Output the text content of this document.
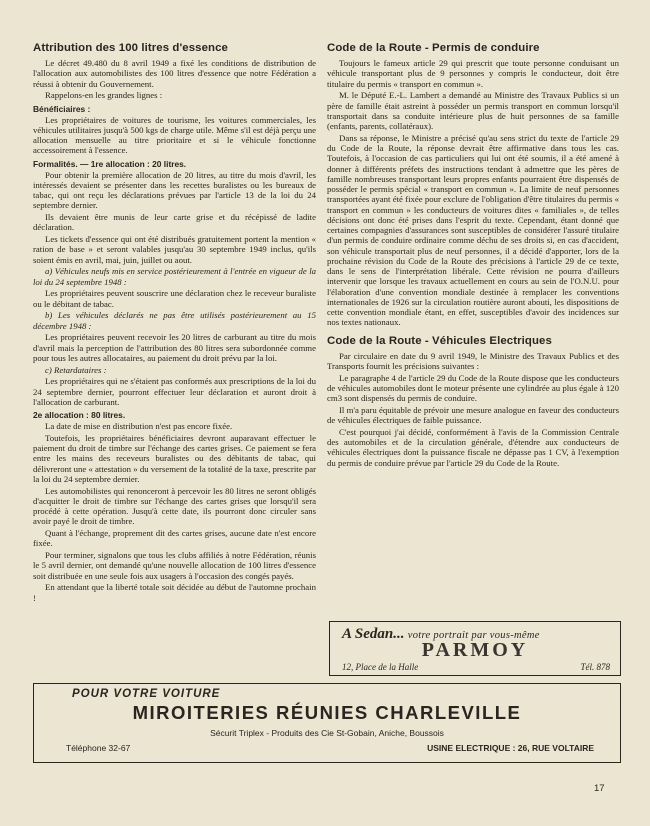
Attribution des 100 litres d'essence

Le décret 49.480 du 8 avril 1949 a fixé les conditions de distribution de l'allocation aux automobilistes des 100 litres d'essence que notre Fédération a réussi à obtenir du Gouvernement.

Rappelons-en les grandes lignes :

Bénéficiaires :

Les propriétaires de voitures de tourisme, les voitures commerciales, les véhicules utilitaires jusqu'à 500 kgs de charge utile. Même s'il est déjà perçu une allocation mensuelle au titre prioritaire et si le véhicule fonctionne accessoirement à l'essence.

Formalités. — 1re allocation : 20 litres.

Pour obtenir la première allocation de 20 litres, au titre du mois d'avril, les intéressés devaient se présenter dans les recettes buralistes ou les bureaux de tabac, qui ont reçu les déclarations prévues par l'article 13 de la loi du 24 septembre dernier.

Ils devaient être munis de leur carte grise et du récépissé de ladite déclaration.

Les tickets d'essence qui ont été distribués gratuitement portent la mention « ration de base » et seront valables jusqu'au 30 septembre 1949 inclus, qu'ils soient émis en avril, mai, juin, juillet ou aout.

a) Véhicules neufs mis en service postérieurement à l'entrée en vigueur de la loi du 24 septembre 1948 :

Les propriétaires peuvent souscrire une déclaration chez le receveur buraliste ou le débitant de tabac.

b) Les véhicules déclarés ne pas être utilisés postérieurement au 15 décembre 1948 :

Les propriétaires peuvent recevoir les 20 litres de carburant au titre du mois d'avril mais la perception de l'attribution des 80 litres sera subordonnée comme pour tous les autres allocataires, au paiement du droit prévu par la loi.

c) Retardataires :

Les propriétaires qui ne s'étaient pas conformés aux prescriptions de la loi du 24 septembre dernier, pourront effectuer leur déclaration et auront droit à l'allocation de carburant.

2e allocation : 80 litres.

La date de mise en distribution n'est pas encore fixée.

Toutefois, les propriétaires bénéficiaires devront auparavant effectuer le paiement du droit de timbre sur l'échange des cartes grises. Ce paiement se fera entre les mains des receveurs buralistes ou des débitants de tabac, qui délivreront une « attestation » du versement de la totalité de la taxe, prescrite par la loi du 24 septembre dernier.

Les automobilistes qui renonceront à percevoir les 80 litres ne seront obligés d'acquitter le droit de timbre sur l'échange des cartes grises que lorsqu'il sera procédé à cette opération. Jusqu'à cette date, ils pourront donc circuler sans avoir payé le droit de timbre.

Quant à l'échange, proprement dit des cartes grises, aucune date n'est encore fixée.

Pour terminer, signalons que tous les clubs affiliés à notre Fédération, réunis le 5 avril dernier, ont demandé qu'une nouvelle allocation de 100 litres d'essence soit distribuée en une seule fois aux usagers à l'occasion des congés payés.

En attendant que la liberté totale soit décidée au début de l'automne prochain !

Code de la Route - Permis de conduire

Toujours le fameux article 29 qui prescrit que toute personne conduisant un véhicule transportant plus de 9 personnes y compris le conducteur, doit être titulaire du permis « transport en commun ».

M. le Député E.-L. Lambert a demandé au Ministre des Travaux Publics si un père de famille était astreint à posséder un permis transport en commun lorsqu'il transportait dans sa conduite intérieure plus de huit personnes de sa famille (enfants, parents, collatéraux).

Dans sa réponse, le Ministre a précisé qu'au sens strict du texte de l'article 29 du Code de la Route, la réponse devrait être affirmative dans tous les cas. Toutefois, à l'occasion de cas particuliers qui lui ont été soumis, il a été amené à donner à différents préfets des instructions tendant à admettre que les pères de famille nombreuses transportant leurs propres enfants pourraient être dispensés de posséder le permis spécial « transport en commun ». La limite de neuf personnes transportées ayant été fixée pour exclure de l'obligation d'être titulaires du permis « transport en commun » les conducteurs de voitures dites « familiales », de telles décisions ont donc été prises dans l'esprit du texte. Cependant, étant donné que certaines compagnies d'assurances sont susceptibles de considérer l'assuré titulaire d'un permis de conduire ordinaire comme déchu de ses droits si, en cas d'accident, son véhicule transportait plus de neuf personnes, il a décidé d'apporter, lors de la prochaine révision du Code de la Route des précisions à l'article 29 de ce texte, dans le sens de l'interprétation libérale. Cette révision ne pourra d'ailleurs intervenir que lorsque les travaux actuellement en cours au sein de l'O.N.U. pour l'élaboration d'une convention mondiale destinée à remplacer les conventions internationales de 1926 sur la circulation routière auront abouti, les dispositions de cette convention mondiale étant, en effet, susceptibles d'avoir des incidences sur nos textes nationaux.

Code de la Route - Véhicules Electriques

Par circulaire en date du 9 avril 1949, le Ministre des Travaux Publics et des Transports fournit les précisions suivantes :

Le paragraphe 4 de l'article 29 du Code de la Route dispose que les conducteurs de véhicules automobiles dont le moteur présente une cylindrée au plus égale à 120 cm3 sont dispensés du permis de conduire.

Il m'a paru équitable de prévoir une mesure analogue en faveur des conducteurs de véhicules électriques de faible puissance.

C'est pourquoi j'ai décidé, conformément à l'avis de la Commission Centrale des automobiles et de la circulation générale, d'étendre aux conducteurs de véhicules électriques dont la puissance fiscale ne dépasse pas 1 CV, à l'exemption du permis de conduire prévue par l'article 29 du Code de la Route.

A Sedan... votre portrait par vous-même
PARMOY
12, Place de la Halle	Tél. 878
POUR VOTRE VOITURE
MIROITERIES RÉUNIES CHARLEVILLE
Sécurit Triplex - Produits des Cie St-Gobain, Aniche, Boussois
Téléphone 32-67	USINE ELECTRIQUE : 26, RUE VOLTAIRE
17
